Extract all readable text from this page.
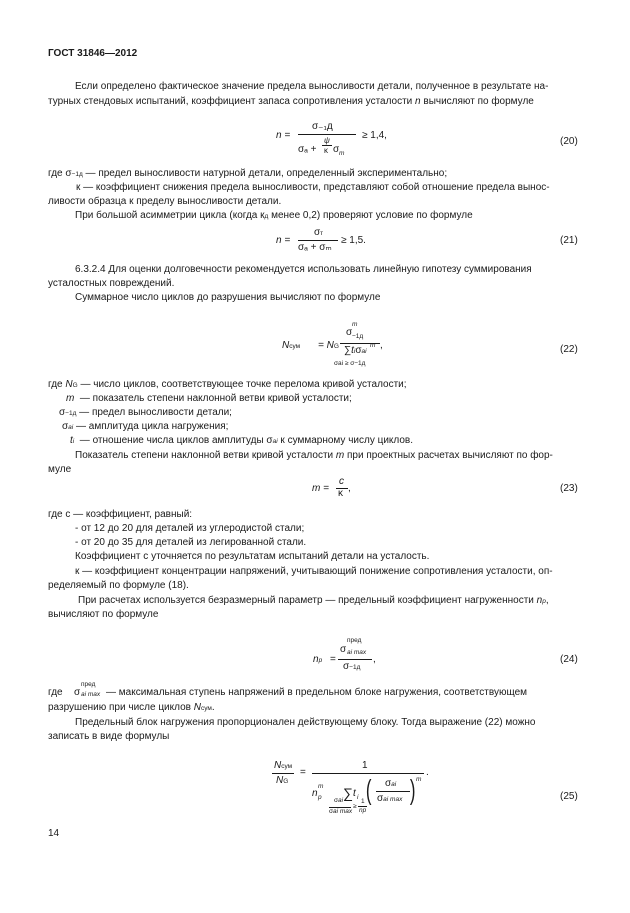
ГОСТ 31846—2012
Если определено фактическое значение предела выносливости детали, полученное в результате на-
турных стендовых испытаний, коэффициент запаса сопротивления усталости n вычисляют по формуле
n =
σ₋₁д
σₐ +
ψ
κ σ m
≥ 1,4,
(20)
где σ−1д — предел выносливости натурной детали, определенный экспериментально;
к — коэффициент снижения предела выносливости, представляют собой отношение предела вынос-
ливости образца к пределу выносливости детали.
При большой асимметрии цикла (когда кд менее 0,2) проверяют условие по формуле
n =
σт
σₐ + σₘ
≥ 1,5.	(21)
6.3.2.4 Для оценки долговечности рекомендуется использовать линейную гипотезу суммирования
усталостных повреждений.
Суммарное число циклов до разрушения вычисляют по формуле
Nсум = NG
σ
m
−1д
∑tiσai
m
σai ≥ σ−1д
,	(22)
где NG — число циклов, соответствующее точке перелома кривой усталости;
m — показатель степени наклонной ветви кривой усталости;
σ−1д — предел выносливости детали;
σai — амплитуда цикла нагружения;
ti — отношение числа циклов амплитуды σai к суммарному числу циклов.
Показатель степени наклонной ветви кривой усталости m при проектных расчетах вычисляют по фор-
муле
m =
c
κ ,	(23)
где с — коэффициент, равный:
- от 12 до 20 для деталей из углеродистой стали;
- от 20 до 35 для деталей из легированной стали.
Коэффициент с уточняется по результатам испытаний детали на усталость.
к — коэффициент концентрации напряжений, учитывающий понижение сопротивления усталости, оп-
ределяемый по формуле (18).
При расчетах используется безразмерный параметр — предельный коэффициент нагруженности np,
вычисляют по формуле
np =
пред
σ ai max
σ−1д
,	(24)
где σ
пред
ai max — максимальная ступень напряжений в предельном блоке нагружения, соответствующем
разрушению при числе циклов Nсум.
Предельный блок нагружения пропорционален действующему блоку. Тогда выражение (22) можно
записать в виде формулы
Nсум
NG
=
1
n
m
p ∑ t i ( σai
σai max ) m
.
σai
σai max
≥
1
np
(25)
14
